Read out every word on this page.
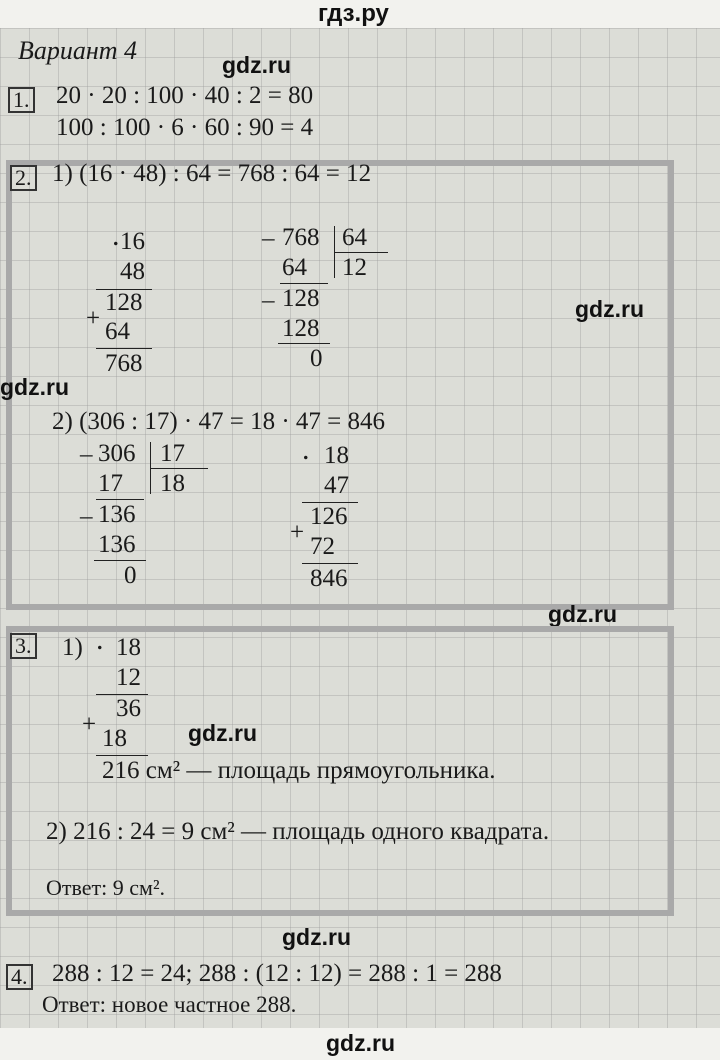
гдз.ру
Вариант 4	gdz.ru
1. 20 · 20 : 100 · 40 : 2 = 80
100 : 100 · 6 · 60 : 90 = 4
2. 1) (16 · 48) : 64 = 768 : 64 = 12
. 16
48
128
+ 64
768
_ 768 64
12
64
_ 128
128
0
gdz.ru
gdz.ru
2) (306 : 17) · 47 = 18 · 47 = 846
_ 306 17
18
17
_ 136
136
0
. 18
47
126
+
72
846
gdz.ru
3. 1) . 18
12
36
+
18
216 см² — площадь прямоугольника.
gdz.ru
2) 216 : 24 = 9 см² — площадь одного квадрата.
Ответ: 9 см².
gdz.ru
4. 288 : 12 = 24; 288 : (12 : 12) = 288 : 1 = 288
Ответ: новое частное 288.
gdz.ru
